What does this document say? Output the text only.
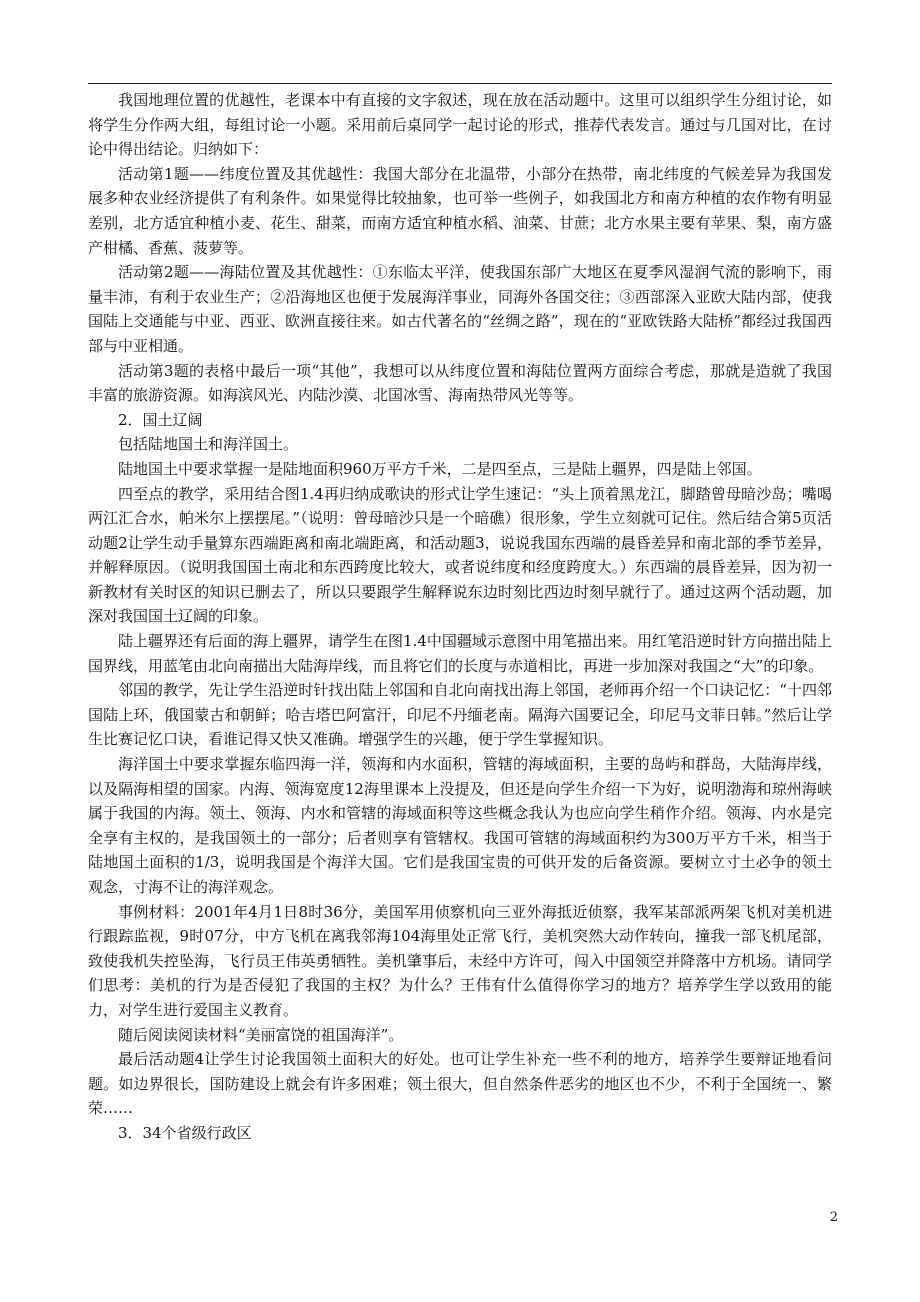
我国地理位置的优越性，老课本中有直接的文字叙述，现在放在活动题中。这里可以组织学生分组讨论，如将学生分作两大组，每组讨论一小题。采用前后桌同学一起讨论的形式，推荐代表发言。通过与几国对比，在讨论中得出结论。归纳如下：

活动第1题——纬度位置及其优越性：我国大部分在北温带，小部分在热带，南北纬度的气候差异为我国发展多种农业经济提供了有利条件。如果觉得比较抽象，也可举一些例子，如我国北方和南方种植的农作物有明显差别，北方适宜种植小麦、花生、甜菜，而南方适宜种植水稻、油菜、甘蔗；北方水果主要有苹果、梨，南方盛产柑橘、香蕉、菠萝等。

活动第2题——海陆位置及其优越性：①东临太平洋，使我国东部广大地区在夏季风湿润气流的影响下，雨量丰沛，有利于农业生产；②沿海地区也便于发展海洋事业，同海外各国交往；③西部深入亚欧大陆内部，使我国陆上交通能与中亚、西亚、欧洲直接往来。如古代著名的“丝绸之路”，现在的“亚欧铁路大陆桥”都经过我国西部与中亚相通。

活动第3题的表格中最后一项“其他”，我想可以从纬度位置和海陆位置两方面综合考虑，那就是造就了我国丰富的旅游资源。如海滨风光、内陆沙漠、北国冰雪、海南热带风光等等。

2．国土辽阔

包括陆地国土和海洋国土。

陆地国土中要求掌握一是陆地面积960万平方千米，二是四至点，三是陆上疆界，四是陆上邻国。

四至点的教学，采用结合图1.4再归纳成歌诀的形式让学生速记：“头上顶着黑龙江，脚踏曾母暗沙岛；嘴喝两江汇合水，帕米尔上摆摆尾。”（说明：曾母暗沙只是一个暗礁）很形象，学生立刻就可记住。然后结合第5页活动题2让学生动手量算东西端距离和南北端距离，和活动题3，说说我国东西端的晨昏差异和南北部的季节差异，并解释原因。（说明我国国土南北和东西跨度比较大，或者说纬度和经度跨度大。）东西端的晨昏差异，因为初一新教材有关时区的知识已删去了，所以只要跟学生解释说东边时刻比西边时刻早就行了。通过这两个活动题，加深对我国国土辽阔的印象。

陆上疆界还有后面的海上疆界，请学生在图1.4中国疆域示意图中用笔描出来。用红笔沿逆时针方向描出陆上国界线，用蓝笔由北向南描出大陆海岸线，而且将它们的长度与赤道相比，再进一步加深对我国之“大”的印象。

邻国的教学，先让学生沿逆时针找出陆上邻国和自北向南找出海上邻国，老师再介绍一个口诀记忆：“十四邻国陆上环，俄国蒙古和朝鲜；哈吉塔巴阿富汗，印尼不丹缅老南。隔海六国要记全，印尼马文菲日韩。”然后让学生比赛记忆口诀，看谁记得又快又准确。增强学生的兴趣，便于学生掌握知识。

海洋国土中要求掌握东临四海一洋，领海和内水面积，管辖的海域面积，主要的岛屿和群岛，大陆海岸线，以及隔海相望的国家。内海、领海宽度12海里课本上没提及，但还是向学生介绍一下为好，说明渤海和琼州海峡属于我国的内海。领土、领海、内水和管辖的海域面积等这些概念我认为也应向学生稍作介绍。领海、内水是完全享有主权的，是我国领土的一部分；后者则享有管辖权。我国可管辖的海域面积约为300万平方千米，相当于陆地国土面积的1/3，说明我国是个海洋大国。它们是我国宝贵的可供开发的后备资源。要树立寸土必争的领土观念，寸海不让的海洋观念。

事例材料：2001年4月1日8时36分，美国军用侦察机向三亚外海抵近侦察，我军某部派两架飞机对美机进行跟踪监视，9时07分，中方飞机在离我邻海104海里处正常飞行，美机突然大动作转向，撞我一部飞机尾部，致使我机失控坠海，飞行员王伟英勇牺牲。美机肇事后，未经中方许可，闯入中国领空并降落中方机场。请同学们思考：美机的行为是否侵犯了我国的主权？为什么？王伟有什么值得你学习的地方？培养学生学以致用的能力，对学生进行爱国主义教育。

随后阅读阅读材料“美丽富饶的祖国海洋”。

最后活动题4让学生讨论我国领土面积大的好处。也可让学生补充一些不利的地方，培养学生要辩证地看问题。如边界很长，国防建设上就会有许多困难；领土很大，但自然条件恶劣的地区也不少，不利于全国统一、繁荣……

3．34个省级行政区

2
